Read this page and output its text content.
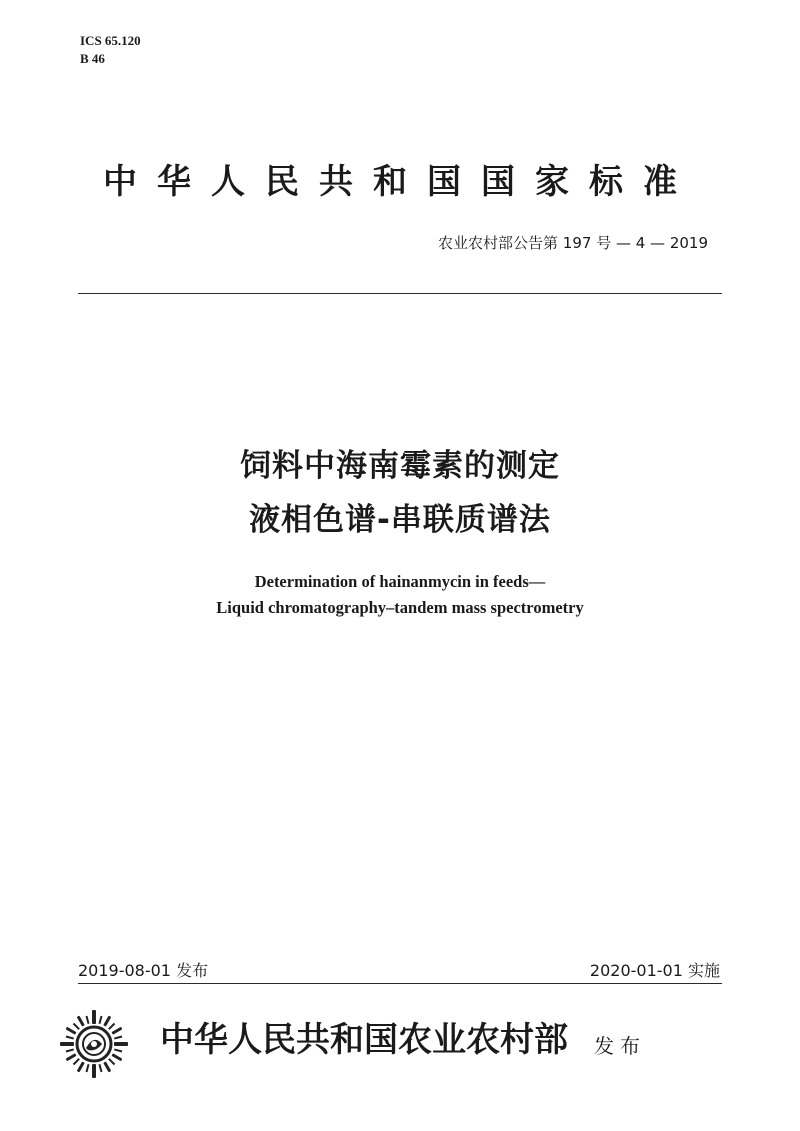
ICS 65.120
B 46
中华人民共和国国家标准
农业农村部公告第 197 号 — 4 — 2019
饲料中海南霉素的测定
液相色谱-串联质谱法
Determination of hainanmycin in feeds—
Liquid chromatography–tandem mass spectrometry
2019-08-01 发布	2020-01-01 实施
中华人民共和国农业农村部 发布
